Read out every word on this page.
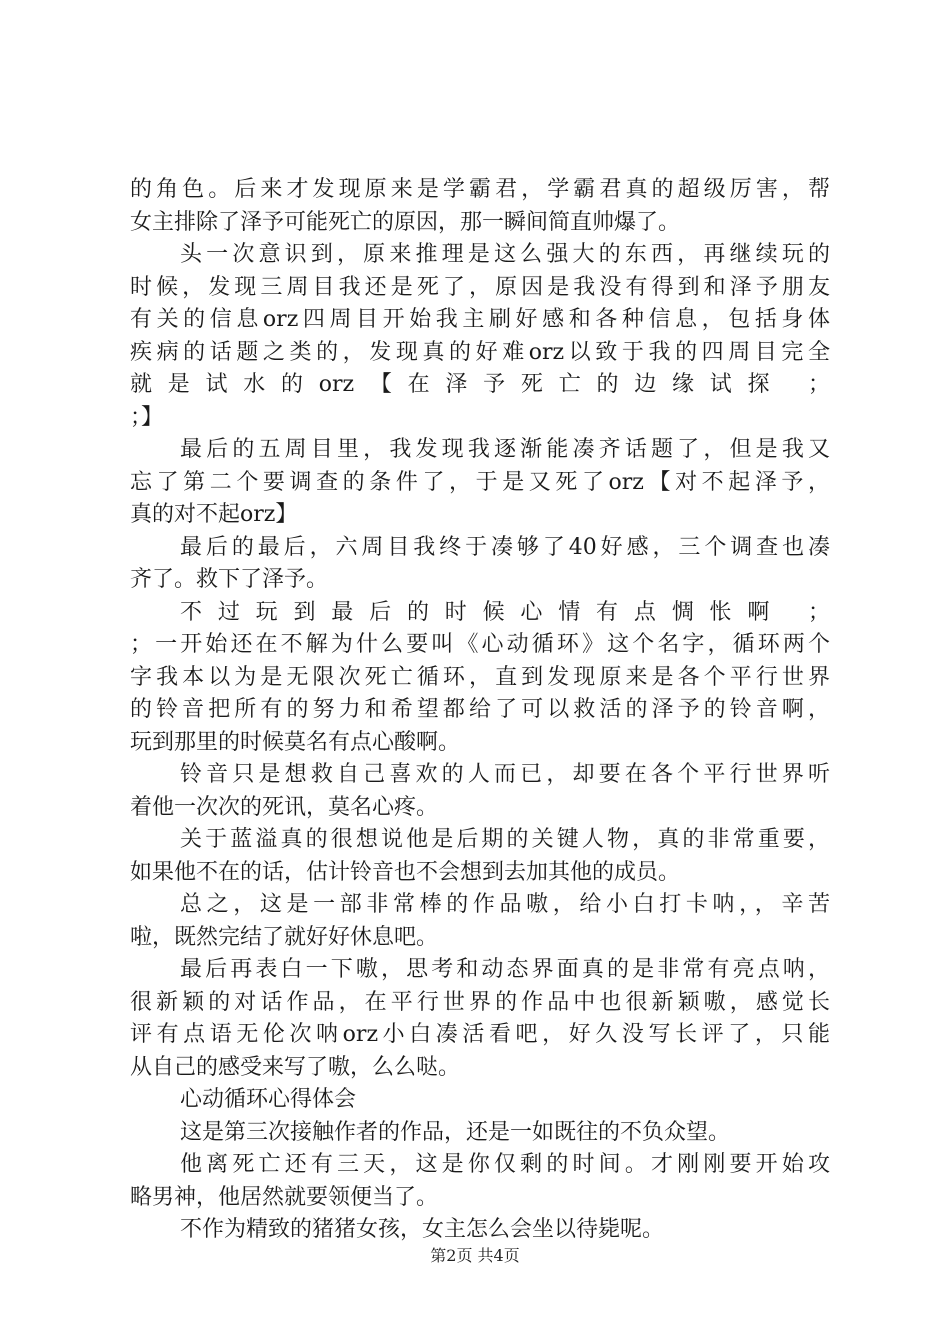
的角色。后来才发现原来是学霸君，学霸君真的超级厉害，帮
女主排除了泽予可能死亡的原因，那一瞬间简直帅爆了。
头一次意识到，原来推理是这么强大的东西，再继续玩的
时候，发现三周目我还是死了，原因是我没有得到和泽予朋友
有关的信息orz四周目开始我主刷好感和各种信息，包括身体
疾病的话题之类的，发现真的好难orz以致于我的四周目完全
就是试水的orz【在泽予死亡的边缘试探 ；
；】
最后的五周目里，我发现我逐渐能凑齐话题了，但是我又
忘了第二个要调查的条件了，于是又死了orz【对不起泽予，
真的对不起orz】
最后的最后，六周目我终于凑够了40好感，三个调查也凑
齐了。救下了泽予。
不过玩到最后的时候心情有点惆怅啊 ；
；一开始还在不解为什么要叫《心动循环》这个名字，循环两个
字我本以为是无限次死亡循环，直到发现原来是各个平行世界
的铃音把所有的努力和希望都给了可以救活的泽予的铃音啊，
玩到那里的时候莫名有点心酸啊。
铃音只是想救自己喜欢的人而已，却要在各个平行世界听
着他一次次的死讯，莫名心疼。
关于蓝溢真的很想说他是后期的关键人物，真的非常重要，
如果他不在的话，估计铃音也不会想到去加其他的成员。
总之，这是一部非常棒的作品嗷，给小白打卡呐，，辛苦
啦，既然完结了就好好休息吧。
最后再表白一下嗷，思考和动态界面真的是非常有亮点呐，
很新颖的对话作品，在平行世界的作品中也很新颖嗷，感觉长
评有点语无伦次呐orz小白凑活看吧，好久没写长评了，只能
从自己的感受来写了嗷，么么哒。
心动循环心得体会
这是第三次接触作者的作品，还是一如既往的不负众望。
他离死亡还有三天，这是你仅剩的时间。才刚刚要开始攻
略男神，他居然就要领便当了。
不作为精致的猪猪女孩，女主怎么会坐以待毙呢。
第2页 共4页
